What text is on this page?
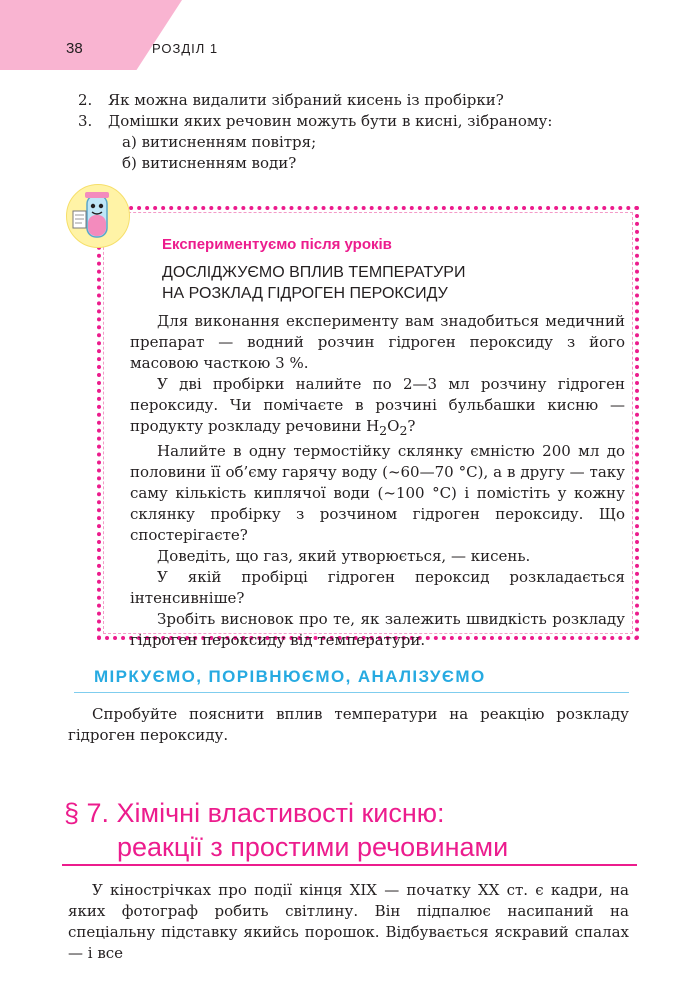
38	РОЗДІЛ 1
2. Як можна видалити зібраний кисень із пробірки?
3. Домішки яких речовин можуть бути в кисні, зібраному:
а) витисненням повітря;
б) витисненням води?
Експериментуємо після уроків
ДОСЛІДЖУЄМО ВПЛИВ ТЕМПЕРАТУРИ
НА РОЗКЛАД ГІДРОГЕН ПЕРОКСИДУ

Для виконання експерименту вам знадобиться медичний препарат — водний розчин гідроген пероксиду з його масовою часткою 3 %.

У дві пробірки налийте по 2—3 мл розчину гідроген пероксиду. Чи помічаєте в розчині бульбашки кисню — продукту розкладу речовини $H_2O_2$?

Налийте в одну термостійку склянку ємністю 200 мл до половини її об’єму гарячу воду (~60—70 °С), а в другу — таку саму кількість киплячої води (~100 °С) і помістіть у кожну склянку пробірку з розчином гідроген пероксиду. Що спостерігаєте?

Доведіть, що газ, який утворюється, — кисень.

У якій пробірці гідроген пероксид розкладається інтенсивніше?

Зробіть висновок про те, як залежить швидкість розкладу гідроген пероксиду від температури.

МІРКУЄМО, ПОРІВНЮЄМО, АНАЛІЗУЄМО

Спробуйте пояснити вплив температури на реакцію розкладу гідроген пероксиду.

§ 7. Хімічні властивості кисню:
реакції з простими речовинами

У кінострічках про події кінця XIX — початку XX ст. є кадри, на яких фотограф робить світлину. Він підпалює насипаний на спеціальну підставку якийсь порошок. Відбувається яскравий спалах — і все
